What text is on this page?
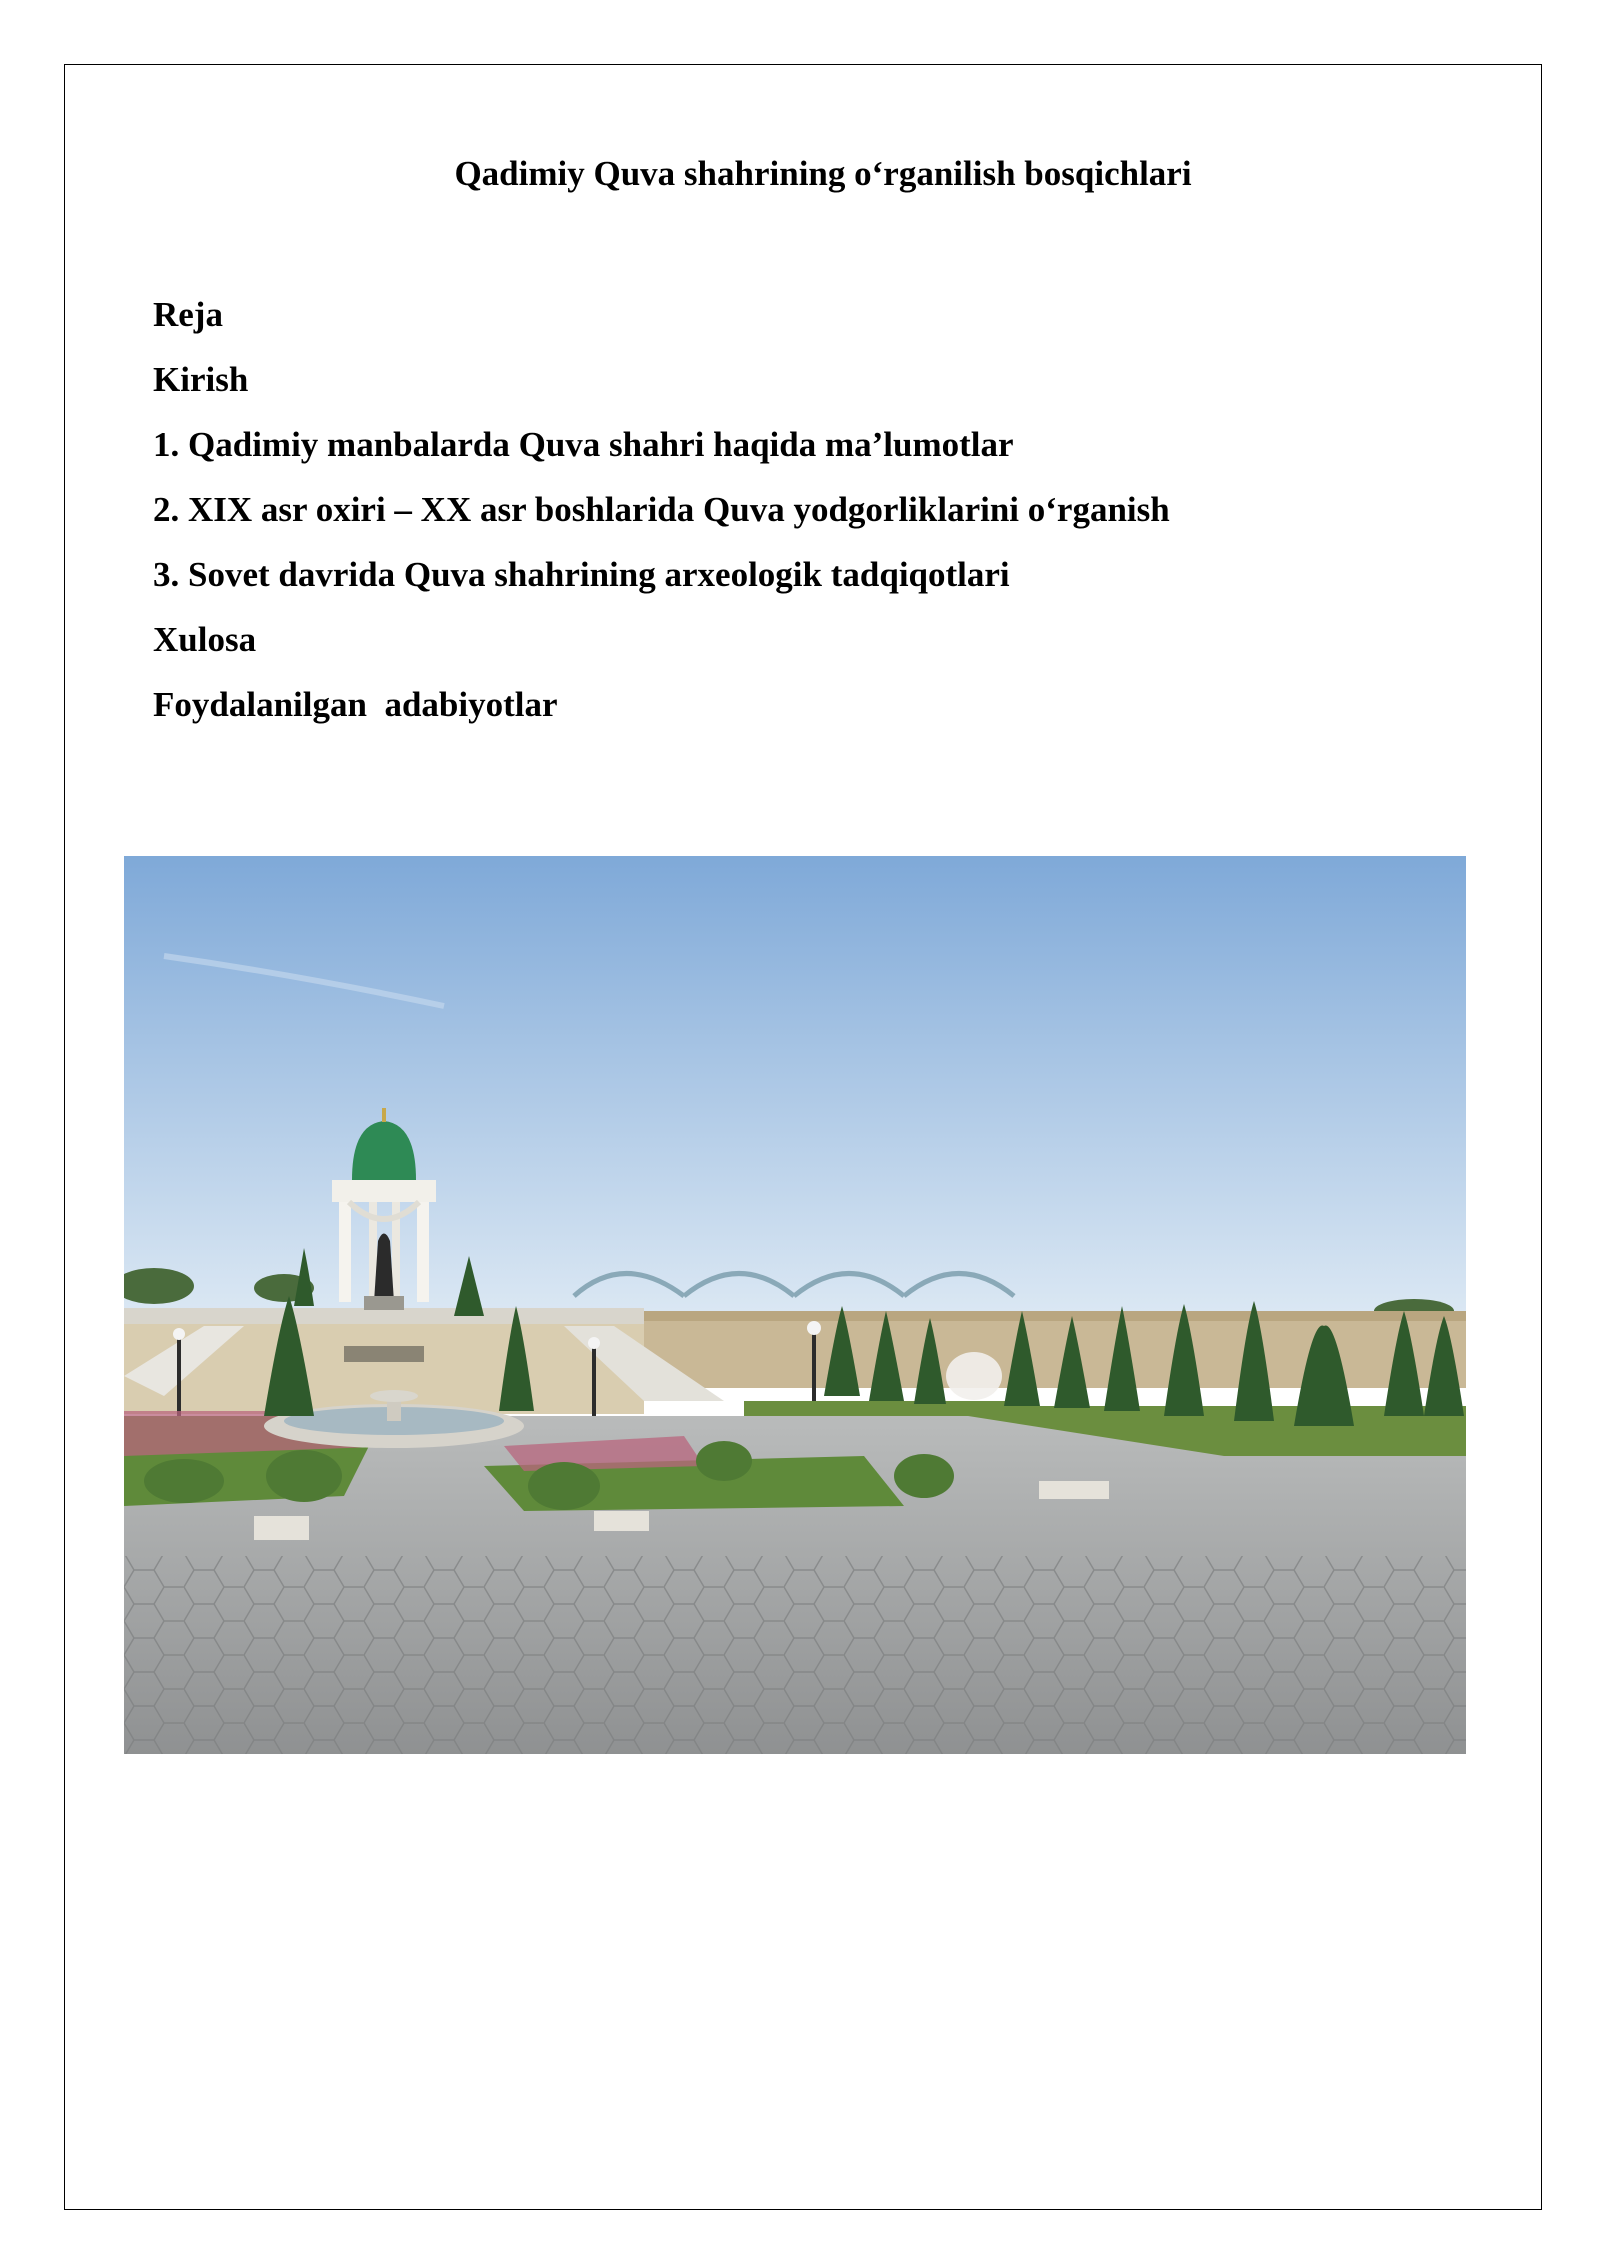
Qadimiy Quva shahrining o‘rganilish bosqichlari
Reja
Kirish
1. Qadimiy manbalarda Quva shahri haqida ma’lumotlar
2. XIX asr oxiri – XX asr boshlarida Quva yodgorliklarini o‘rganish
3. Sovet davrida Quva shahrining arxeologik tadqiqotlari
Xulosa
Foydalanilgan  adabiyotlar
